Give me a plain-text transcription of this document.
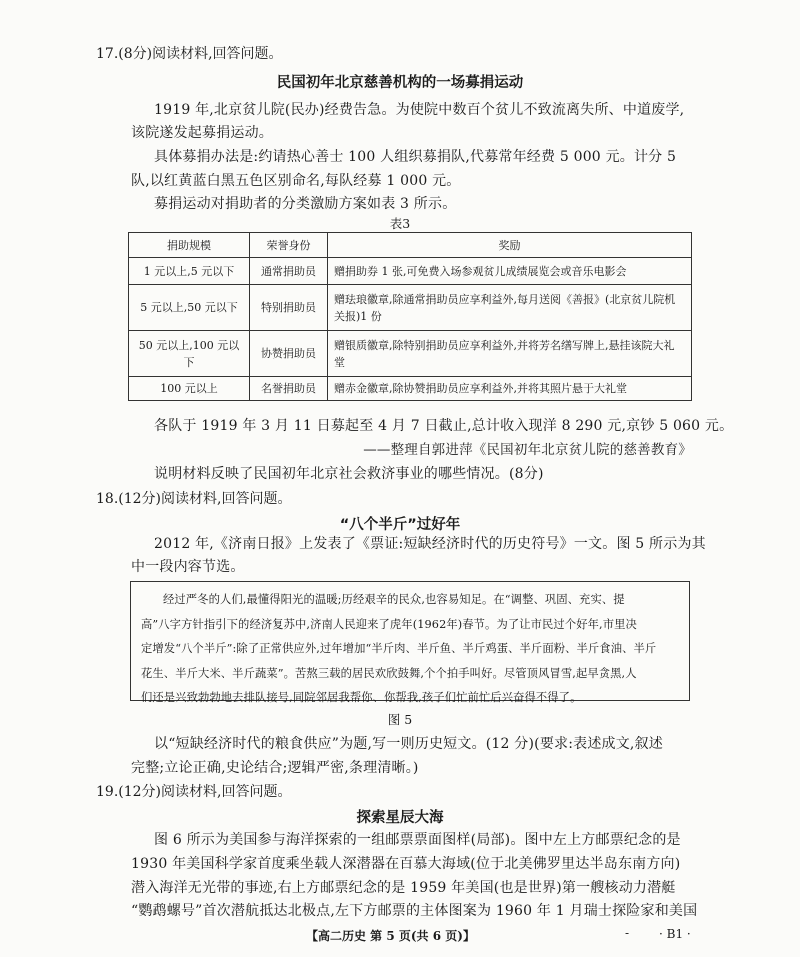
17.(8分)阅读材料,回答问题。
民国初年北京慈善机构的一场募捐运动
1919 年,北京贫儿院(民办)经费告急。为使院中数百个贫儿不致流离失所、中道废学,
该院遂发起募捐运动。
具体募捐办法是:约请热心善士 100 人组织募捐队,代募常年经费 5 000 元。计分 5
队,以红黄蓝白黑五色区别命名,每队经募 1 000 元。
募捐运动对捐助者的分类激励方案如表 3 所示。
表3
捐助规模	荣誉身份	奖励
1 元以上,5 元以下	通常捐助员	赠捐助券 1 张,可免费入场参观贫儿成绩展览会或音乐电影会
5 元以上,50 元以下	特别捐助员	赠珐琅徽章,除通常捐助员应享利益外,每月送阅《善报》(北京贫儿院机关报)1 份
50 元以上,100 元以下	协赞捐助员	赠银质徽章,除特别捐助员应享利益外,并将芳名缮写牌上,悬挂该院大礼堂
100 元以上	名誉捐助员	赠赤金徽章,除协赞捐助员应享利益外,并将其照片悬于大礼堂
各队于 1919 年 3 月 11 日募起至 4 月 7 日截止,总计收入现洋 8 290 元,京钞 5 060 元。
——整理自郭进萍《民国初年北京贫儿院的慈善教育》
说明材料反映了民国初年北京社会救济事业的哪些情况。(8分)
18.(12分)阅读材料,回答问题。
“八个半斤”过好年
2012 年,《济南日报》上发表了《票证:短缺经济时代的历史符号》一文。图 5 所示为其
中一段内容节选。
经过严冬的人们,最懂得阳光的温暖;历经艰辛的民众,也容易知足。在“调整、巩固、充实、提
高”八字方针指引下的经济复苏中,济南人民迎来了虎年(1962年)春节。为了让市民过个好年,市里决
定增发“八个半斤”:除了正常供应外,过年增加“半斤肉、半斤鱼、半斤鸡蛋、半斤面粉、半斤食油、半斤
花生、半斤大米、半斤蔬菜”。苦熬三载的居民欢欣鼓舞,个个拍手叫好。尽管顶风冒雪,起早贪黑,人
们还是兴致勃勃地去排队接号,同院邻居我帮你、你帮我,孩子们忙前忙后兴奋得不得了。
图 5
以“短缺经济时代的粮食供应”为题,写一则历史短文。(12 分)(要求:表述成文,叙述
完整;立论正确,史论结合;逻辑严密,条理清晰。)
19.(12分)阅读材料,回答问题。
探索星辰大海
图 6 所示为美国参与海洋探索的一组邮票票面图样(局部)。图中左上方邮票纪念的是
1930 年美国科学家首度乘坐载人深潜器在百慕大海域(位于北美佛罗里达半岛东南方向)
潜入海洋无光带的事迹,右上方邮票纪念的是 1959 年美国(也是世界)第一艘核动力潜艇
“鹦鹉螺号”首次潜航抵达北极点,左下方邮票的主体图案为 1960 年 1 月瑞士探险家和美国
【高二历史 第 5 页(共 6 页)】	- · B1 ·
